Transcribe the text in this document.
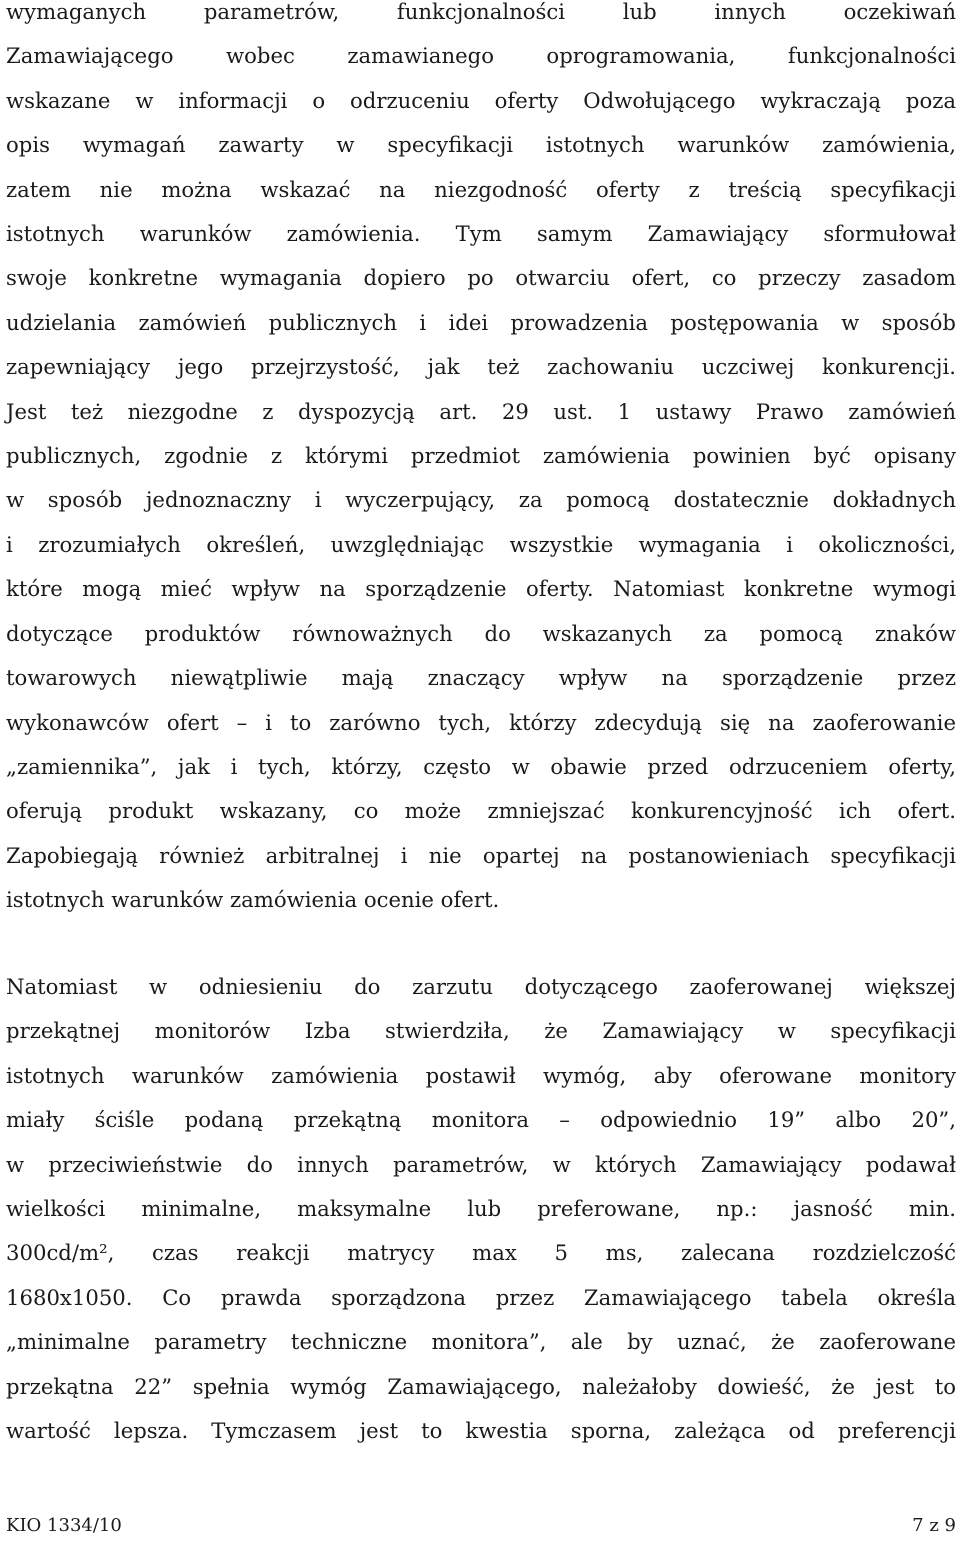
wymaganych parametrów, funkcjonalności lub innych oczekiwań
Zamawiającego wobec zamawianego oprogramowania, funkcjonalności
wskazane w informacji o odrzuceniu oferty Odwołującego wykraczają poza
opis wymagań zawarty w specyfikacji istotnych warunków zamówienia,
zatem nie można wskazać na niezgodność oferty z treścią specyfikacji
istotnych warunków zamówienia. Tym samym Zamawiający sformułował
swoje konkretne wymagania dopiero po otwarciu ofert, co przeczy zasadom
udzielania zamówień publicznych i idei prowadzenia postępowania w sposób
zapewniający jego przejrzystość, jak też zachowaniu uczciwej konkurencji.
Jest też niezgodne z dyspozycją art. 29 ust. 1 ustawy Prawo zamówień
publicznych, zgodnie z którymi przedmiot zamówienia powinien być opisany
w sposób jednoznaczny i wyczerpujący, za pomocą dostatecznie dokładnych
i zrozumiałych określeń, uwzględniając wszystkie wymagania i okoliczności,
które mogą mieć wpływ na sporządzenie oferty. Natomiast konkretne wymogi
dotyczące produktów równoważnych do wskazanych za pomocą znaków
towarowych niewątpliwie mają znaczący wpływ na sporządzenie przez
wykonawców ofert – i to zarówno tych, którzy zdecydują się na zaoferowanie
„zamiennika”, jak i tych, którzy, często w obawie przed odrzuceniem oferty,
oferują produkt wskazany, co może zmniejszać konkurencyjność ich ofert.
Zapobiegają również arbitralnej i nie opartej na postanowieniach specyfikacji
istotnych warunków zamówienia ocenie ofert.
Natomiast w odniesieniu do zarzutu dotyczącego zaoferowanej większej
przekątnej monitorów Izba stwierdziła, że Zamawiający w specyfikacji
istotnych warunków zamówienia postawił wymóg, aby oferowane monitory
miały ściśle podaną przekątną monitora – odpowiednio 19” albo 20”,
w przeciwieństwie do innych parametrów, w których Zamawiający podawał
wielkości minimalne, maksymalne lub preferowane, np.: jasność min.
300cd/m², czas reakcji matrycy max 5 ms, zalecana rozdzielczość
1680x1050. Co prawda sporządzona przez Zamawiającego tabela określa
„minimalne parametry techniczne monitora”, ale by uznać, że zaoferowane
przekątna 22” spełnia wymóg Zamawiającego, należałoby dowieść, że jest to
wartość lepsza. Tymczasem jest to kwestia sporna, zależąca od preferencji
KIO 1334/10	7 z 9
